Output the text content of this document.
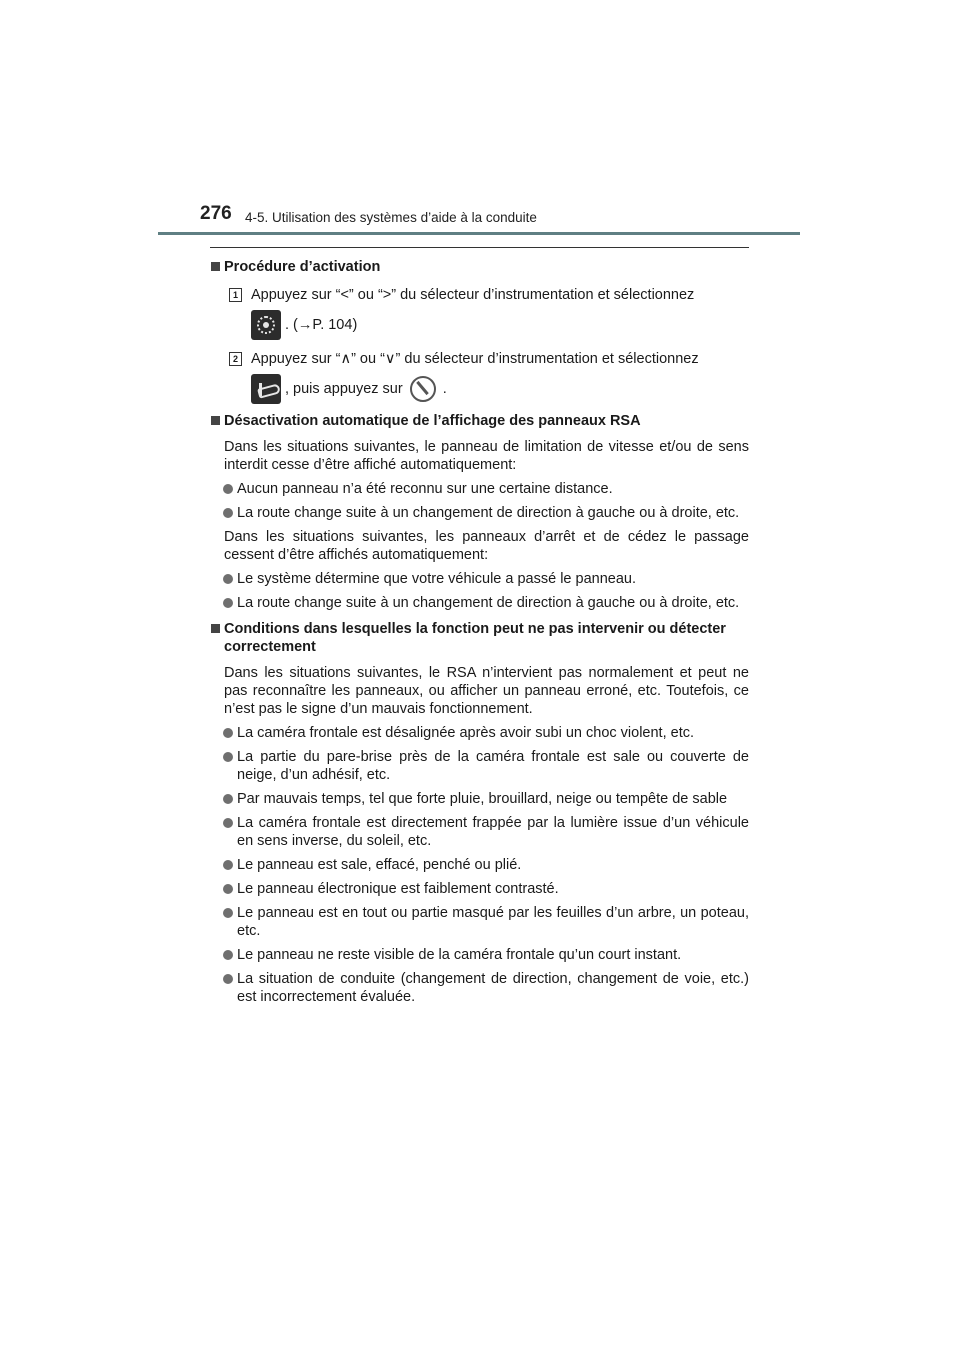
276 4-5. Utilisation des systèmes d’aide à la conduite
Procédure d’activation
1 Appuyez sur “<” ou “>” du sélecteur d’instrumentation et sélectionnez
. (→P. 104)
2 Appuyez sur “∧” ou “∨” du sélecteur d’instrumentation et sélectionnez
, puis appuyez sur	.
Désactivation automatique de l’affichage des panneaux RSA
Dans les situations suivantes, le panneau de limitation de vitesse et/ou de sens interdit cesse d’être affiché automatiquement:
Aucun panneau n’a été reconnu sur une certaine distance.
La route change suite à un changement de direction à gauche ou à droite, etc.
Dans les situations suivantes, les panneaux d’arrêt et de cédez le passage cessent d’être affichés automatiquement:
Le système détermine que votre véhicule a passé le panneau.
La route change suite à un changement de direction à gauche ou à droite, etc.
Conditions dans lesquelles la fonction peut ne pas intervenir ou détecter correctement
Dans les situations suivantes, le RSA n’intervient pas normalement et peut ne pas reconnaître les panneaux, ou afficher un panneau erroné, etc. Toutefois, ce n’est pas le signe d’un mauvais fonctionnement.
La caméra frontale est désalignée après avoir subi un choc violent, etc.
La partie du pare-brise près de la caméra frontale est sale ou couverte de neige, d’un adhésif, etc.
Par mauvais temps, tel que forte pluie, brouillard, neige ou tempête de sable
La caméra frontale est directement frappée par la lumière issue d’un véhicule en sens inverse, du soleil, etc.
Le panneau est sale, effacé, penché ou plié.
Le panneau électronique est faiblement contrasté.
Le panneau est en tout ou partie masqué par les feuilles d’un arbre, un poteau, etc.
Le panneau ne reste visible de la caméra frontale qu’un court instant.
La situation de conduite (changement de direction, changement de voie, etc.) est incorrectement évaluée.
